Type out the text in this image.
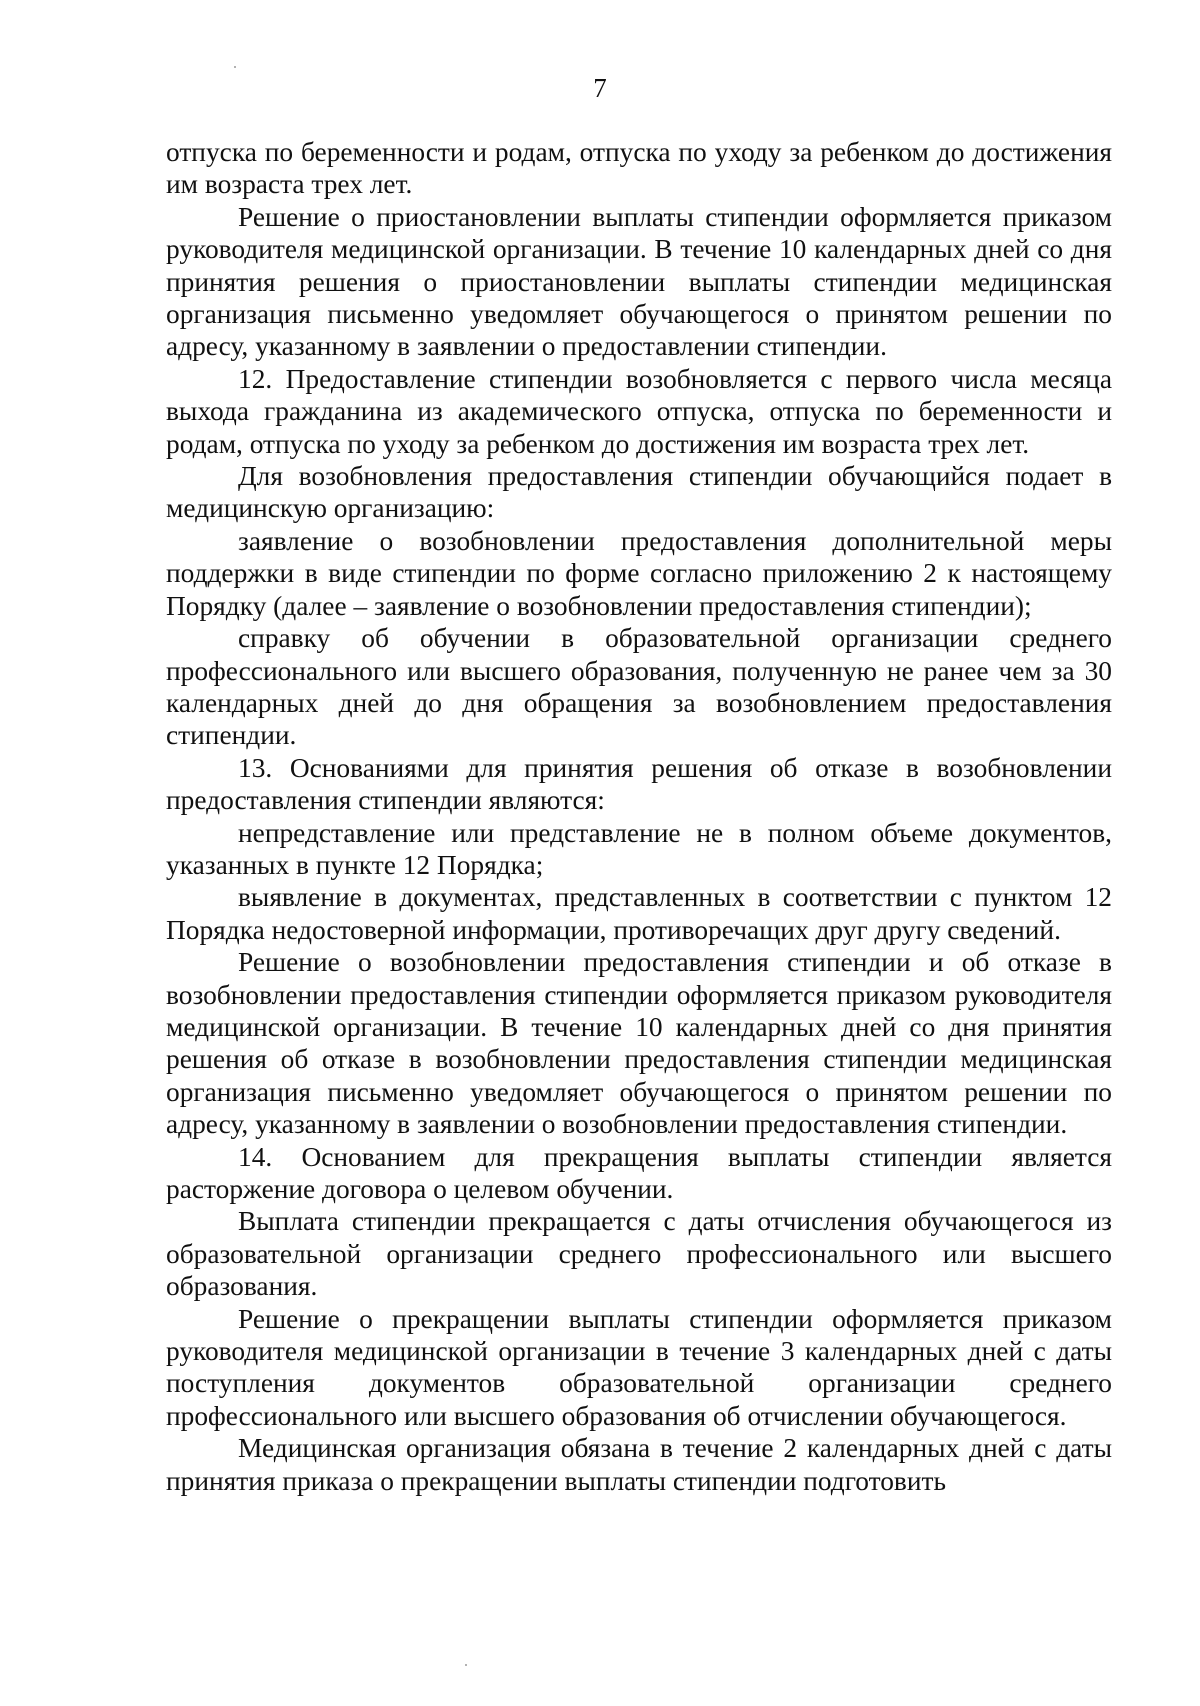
7

отпуска по беременности и родам, отпуска по уходу за ребенком до достижения им возраста трех лет.

Решение о приостановлении выплаты стипендии оформляется приказом руководителя медицинской организации. В течение 10 календарных дней со дня принятия решения о приостановлении выплаты стипендии медицинская организация письменно уведомляет обучающегося о принятом решении по адресу, указанному в заявлении о предоставлении стипендии.

12. Предоставление стипендии возобновляется с первого числа месяца выхода гражданина из академического отпуска, отпуска по беременности и родам, отпуска по уходу за ребенком до достижения им возраста трех лет.

Для возобновления предоставления стипендии обучающийся подает в медицинскую организацию:

заявление о возобновлении предоставления дополнительной меры поддержки в виде стипендии по форме согласно приложению 2 к настоящему Порядку (далее – заявление о возобновлении предоставления стипендии);

справку об обучении в образовательной организации среднего профессионального или высшего образования, полученную не ранее чем за 30 календарных дней до дня обращения за возобновлением предоставления стипендии.

13. Основаниями для принятия решения об отказе в возобновлении предоставления стипендии являются:

непредставление или представление не в полном объеме документов, указанных в пункте 12 Порядка;

выявление в документах, представленных в соответствии с пунктом 12 Порядка недостоверной информации, противоречащих друг другу сведений.

Решение о возобновлении предоставления стипендии и об отказе в возобновлении предоставления стипендии оформляется приказом руководителя медицинской организации. В течение 10 календарных дней со дня принятия решения об отказе в возобновлении предоставления стипендии медицинская организация письменно уведомляет обучающегося о принятом решении по адресу, указанному в заявлении о возобновлении предоставления стипендии.

14. Основанием для прекращения выплаты стипендии является расторжение договора о целевом обучении.

Выплата стипендии прекращается с даты отчисления обучающегося из образовательной организации среднего профессионального или высшего образования.

Решение о прекращении выплаты стипендии оформляется приказом руководителя медицинской организации в течение 3 календарных дней с даты поступления документов образовательной организации среднего профессионального или высшего образования об отчислении обучающегося.

Медицинская организация обязана в течение 2 календарных дней с даты принятия приказа о прекращении выплаты стипендии подготовить
